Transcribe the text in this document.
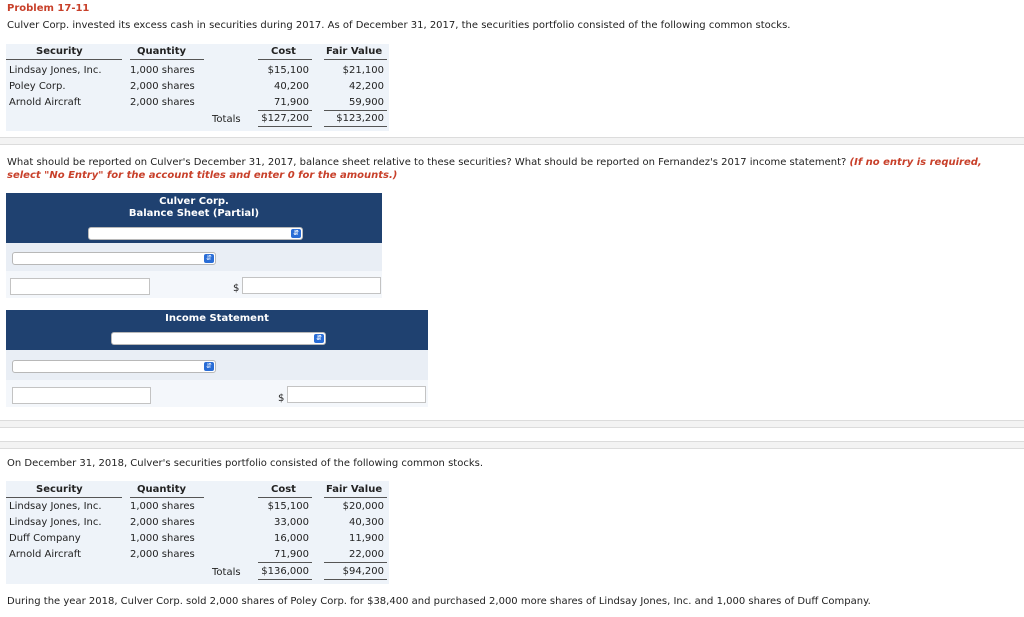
Problem 17-11
Culver Corp. invested its excess cash in securities during 2017. As of December 31, 2017, the securities portfolio consisted of the following common stocks.
Security	Quantity	Cost	Fair Value
Lindsay Jones, Inc.	1,000 shares	$15,100	$21,100
Poley Corp.	2,000 shares	40,200	42,200
Arnold Aircraft	2,000 shares	71,900	59,900
Totals $127,200	$123,200
What should be reported on Culver's December 31, 2017, balance sheet relative to these securities? What should be reported on Fernandez's 2017 income statement? (If no entry is required, select "No Entry" for the account titles and enter 0 for the amounts.)
Culver Corp.
Balance Sheet (Partial)
⇵
⇵
$
Income Statement
⇵
⇵
$
On December 31, 2018, Culver's securities portfolio consisted of the following common stocks.
Security	Quantity	Cost	Fair Value
Lindsay Jones, Inc.	1,000 shares	$15,100	$20,000
Lindsay Jones, Inc.	2,000 shares	33,000	40,300
Duff Company	1,000 shares	16,000	11,900
Arnold Aircraft	2,000 shares	71,900	22,000
Totals $136,000	$94,200
During the year 2018, Culver Corp. sold 2,000 shares of Poley Corp. for $38,400 and purchased 2,000 more shares of Lindsay Jones, Inc. and 1,000 shares of Duff Company.
